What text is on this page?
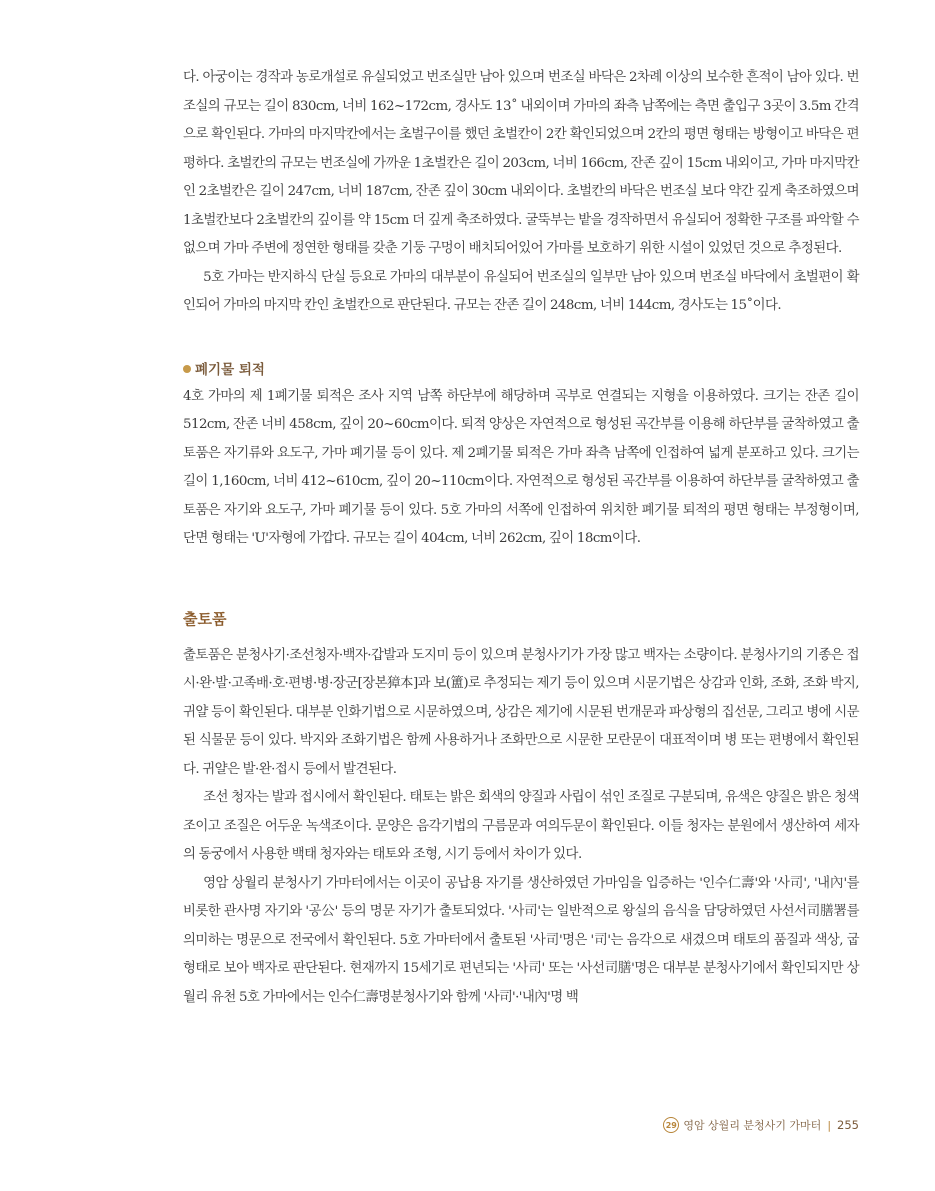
다. 아궁이는 경작과 농로개설로 유실되었고 번조실만 남아 있으며 번조실 바닥은 2차례 이상의 보수한 흔적이 남아 있다. 번조실의 규모는 길이 830cm, 너비 162~172cm, 경사도 13˚ 내외이며 가마의 좌측 남쪽에는 측면 출입구 3곳이 3.5m 간격으로 확인된다. 가마의 마지막칸에서는 초벌구이를 했던 초벌칸이 2칸 확인되었으며 2칸의 평면 형태는 방형이고 바닥은 편평하다. 초벌칸의 규모는 번조실에 가까운 1초벌칸은 길이 203cm, 너비 166cm, 잔존 깊이 15cm 내외이고, 가마 마지막칸인 2초벌칸은 길이 247cm, 너비 187cm, 잔존 깊이 30cm 내외이다. 초벌칸의 바닥은 번조실 보다 약간 깊게 축조하였으며 1초벌칸보다 2초벌칸의 깊이를 약 15cm 더 깊게 축조하였다. 굴뚝부는 밭을 경작하면서 유실되어 정확한 구조를 파악할 수 없으며 가마 주변에 정연한 형태를 갖춘 기둥 구멍이 배치되어있어 가마를 보호하기 위한 시설이 있었던 것으로 추정된다.

5호 가마는 반지하식 단실 등요로 가마의 대부분이 유실되어 번조실의 일부만 남아 있으며 번조실 바닥에서 초벌편이 확인되어 가마의 마지막 칸인 초벌칸으로 판단된다. 규모는 잔존 길이 248cm, 너비 144cm, 경사도는 15˚이다.

폐기물 퇴적

4호 가마의 제 1폐기물 퇴적은 조사 지역 남쪽 하단부에 해당하며 곡부로 연결되는 지형을 이용하였다. 크기는 잔존 길이 512cm, 잔존 너비 458cm, 깊이 20~60cm이다. 퇴적 양상은 자연적으로 형성된 곡간부를 이용해 하단부를 굴착하였고 출토품은 자기류와 요도구, 가마 폐기물 등이 있다. 제 2폐기물 퇴적은 가마 좌측 남쪽에 인접하여 넓게 분포하고 있다. 크기는 길이 1,160cm, 너비 412~610cm, 깊이 20~110cm이다. 자연적으로 형성된 곡간부를 이용하여 하단부를 굴착하였고 출토품은 자기와 요도구, 가마 폐기물 등이 있다. 5호 가마의 서쪽에 인접하여 위치한 폐기물 퇴적의 평면 형태는 부정형이며, 단면 형태는 'U'자형에 가깝다. 규모는 길이 404cm, 너비 262cm, 깊이 18cm이다.

출토품

출토품은 분청사기·조선청자·백자·갑발과 도지미 등이 있으며 분청사기가 가장 많고 백자는 소량이다. 분청사기의 기종은 접시·완·발·고족배·호·편병·병·장군[장본獐本]과 보(簠)로 추정되는 제기 등이 있으며 시문기법은 상감과 인화, 조화, 조화 박지, 귀얄 등이 확인된다. 대부분 인화기법으로 시문하였으며, 상감은 제기에 시문된 번개문과 파상형의 집선문, 그리고 병에 시문된 식물문 등이 있다. 박지와 조화기법은 함께 사용하거나 조화만으로 시문한 모란문이 대표적이며 병 또는 편병에서 확인된다. 귀얄은 발·완·접시 등에서 발견된다.

조선 청자는 발과 접시에서 확인된다. 태토는 밝은 회색의 양질과 사립이 섞인 조질로 구분되며, 유색은 양질은 밝은 청색조이고 조질은 어두운 녹색조이다. 문양은 음각기법의 구름문과 여의두문이 확인된다. 이들 청자는 분원에서 생산하여 세자의 동궁에서 사용한 백태 청자와는 태토와 조형, 시기 등에서 차이가 있다.

영암 상월리 분청사기 가마터에서는 이곳이 공납용 자기를 생산하였던 가마임을 입증하는 '인수仁壽'와 '사司', '내內'를 비롯한 관사명 자기와 '공公' 등의 명문 자기가 출토되었다. '사司'는 일반적으로 왕실의 음식을 담당하였던 사선서司膳署를 의미하는 명문으로 전국에서 확인된다. 5호 가마터에서 출토된 '사司'명은 '司'는 음각으로 새겼으며 태토의 품질과 색상, 굽 형태로 보아 백자로 판단된다. 현재까지 15세기로 편년되는 '사司' 또는 '사선司膳'명은 대부분 분청사기에서 확인되지만 상월리 유천 5호 가마에서는 인수仁壽명분청사기와 함께 '사司'·'내內'명 백

29 영암 상월리 분청사기 가마터 | 255
